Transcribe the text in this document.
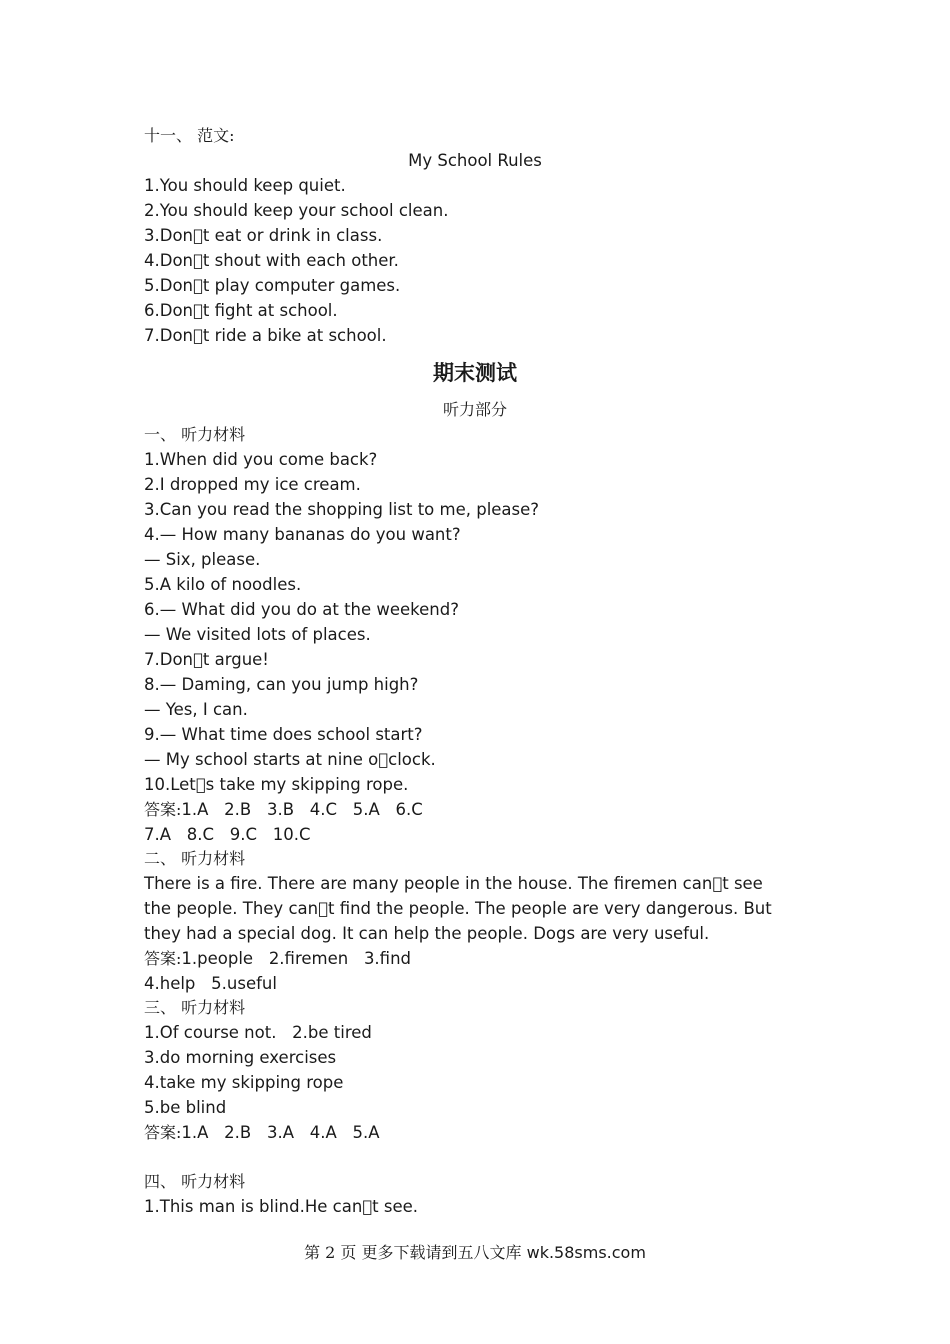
十一、 范文:
My School Rules
1.You should keep quiet.
2.You should keep your school clean.
3.Don t eat or drink in class.
4.Don t shout with each other.
5.Don t play computer games.
6.Don t fight at school.
7.Don t ride a bike at school.
期末测试
听力部分
一、 听力材料
1.When did you come back?
2.I dropped my ice cream.
3.Can you read the shopping list to me, please?
4.— How many bananas do you want?
— Six, please.
5.A kilo of noodles.
6.— What did you do at the weekend?
— We visited lots of places.
7.Don t argue!
8.— Daming, can you jump high?
— Yes, I can.
9.— What time does school start?
— My school starts at nine o clock.
10.Let s take my skipping rope.
答案:1.A   2.B   3.B   4.C   5.A   6.C
7.A   8.C   9.C   10.C
二、 听力材料
There is a fire. There are many people in the house. The firemen can t see
the people. They can t find the people. The people are very dangerous. But
they had a special dog. It can help the people. Dogs are very useful.
答案:1.people   2.firemen   3.find
4.help   5.useful
三、 听力材料
1.Of course not.   2.be tired
3.do morning exercises
4.take my skipping rope
5.be blind
答案:1.A   2.B   3.A   4.A   5.A
四、 听力材料
1.This man is blind.He can t see.
第 2 页 更多下载请到五八文库 wk.58sms.com
